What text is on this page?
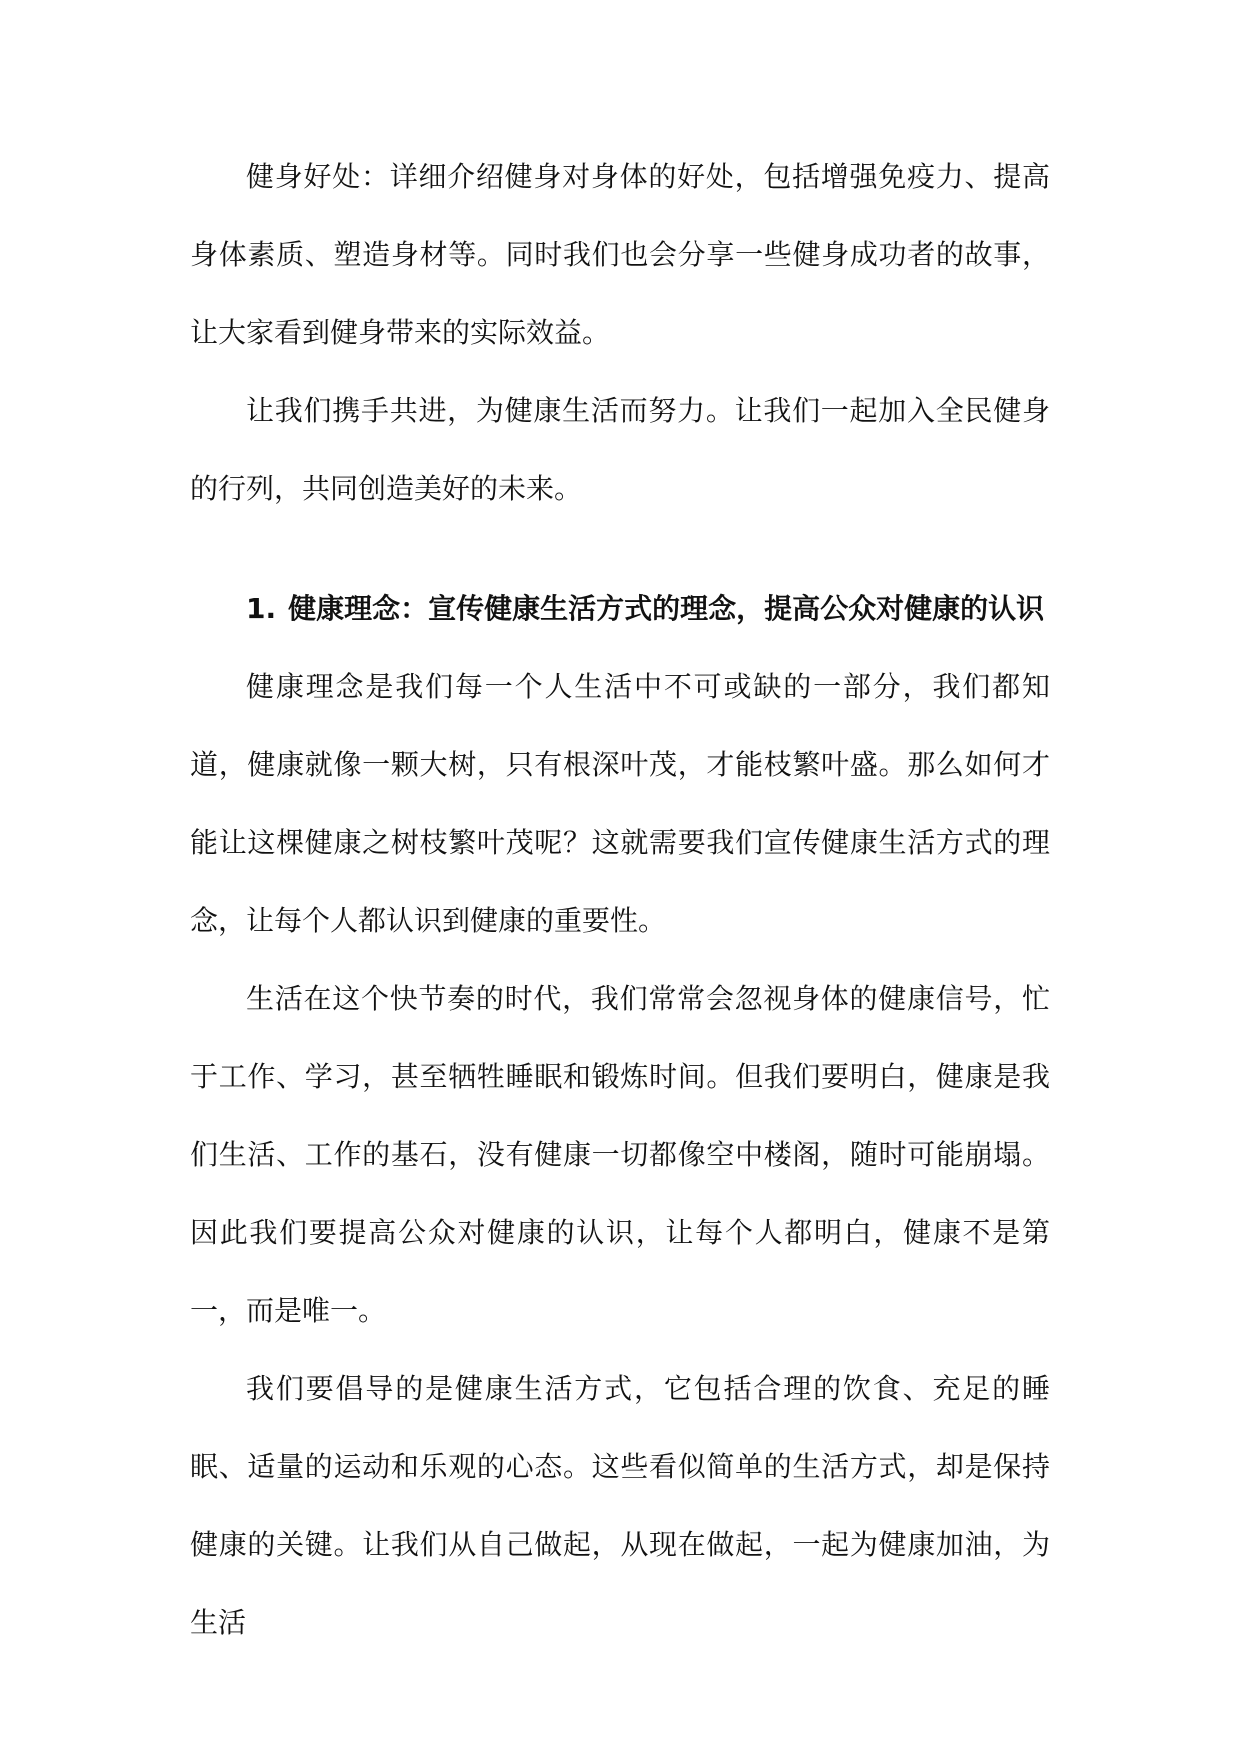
健身好处：详细介绍健身对身体的好处，包括增强免疫力、提高身体素质、塑造身材等。同时我们也会分享一些健身成功者的故事，让大家看到健身带来的实际效益。

让我们携手共进，为健康生活而努力。让我们一起加入全民健身的行列，共同创造美好的未来。

1. 健康理念：宣传健康生活方式的理念，提高公众对健康的认识

健康理念是我们每一个人生活中不可或缺的一部分，我们都知道，健康就像一颗大树，只有根深叶茂，才能枝繁叶盛。那么如何才能让这棵健康之树枝繁叶茂呢？这就需要我们宣传健康生活方式的理念，让每个人都认识到健康的重要性。

生活在这个快节奏的时代，我们常常会忽视身体的健康信号，忙于工作、学习，甚至牺牲睡眠和锻炼时间。但我们要明白，健康是我们生活、工作的基石，没有健康一切都像空中楼阁，随时可能崩塌。因此我们要提高公众对健康的认识，让每个人都明白，健康不是第一，而是唯一。

我们要倡导的是健康生活方式，它包括合理的饮食、充足的睡眠、适量的运动和乐观的心态。这些看似简单的生活方式，却是保持健康的关键。让我们从自己做起，从现在做起，一起为健康加油，为生活
